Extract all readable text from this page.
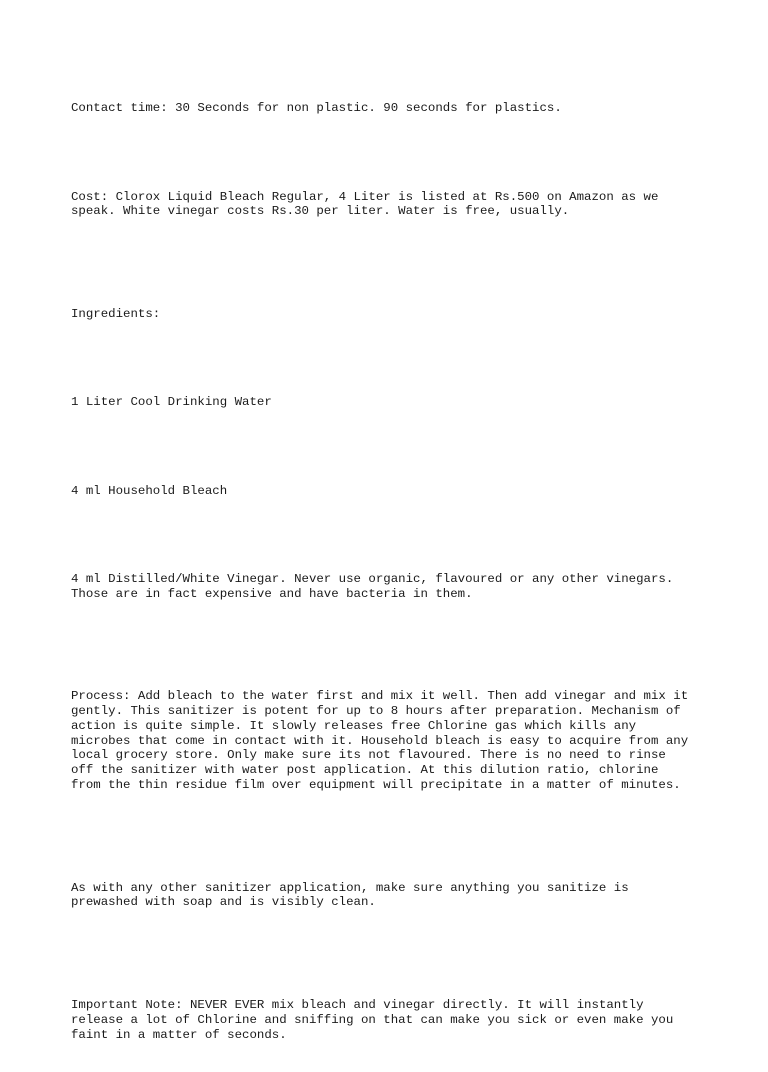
Contact time: 30 Seconds for non plastic. 90 seconds for plastics.

Cost: Clorox Liquid Bleach Regular, 4 Liter is listed at Rs.500 on Amazon as we
speak. White vinegar costs Rs.30 per liter. Water is free, usually.

Ingredients:

1 Liter Cool Drinking Water

4 ml Household Bleach

4 ml Distilled/White Vinegar. Never use organic, flavoured or any other vinegars.
Those are in fact expensive and have bacteria in them.

Process: Add bleach to the water first and mix it well. Then add vinegar and mix it
gently. This sanitizer is potent for up to 8 hours after preparation. Mechanism of
action is quite simple. It slowly releases free Chlorine gas which kills any
microbes that come in contact with it. Household bleach is easy to acquire from any
local grocery store. Only make sure its not flavoured. There is no need to rinse
off the sanitizer with water post application. At this dilution ratio, chlorine
from the thin residue film over equipment will precipitate in a matter of minutes.

As with any other sanitizer application, make sure anything you sanitize is
prewashed with soap and is visibly clean.

Important Note: NEVER EVER mix bleach and vinegar directly. It will instantly
release a lot of Chlorine and sniffing on that can make you sick or even make you
faint in a matter of seconds.
